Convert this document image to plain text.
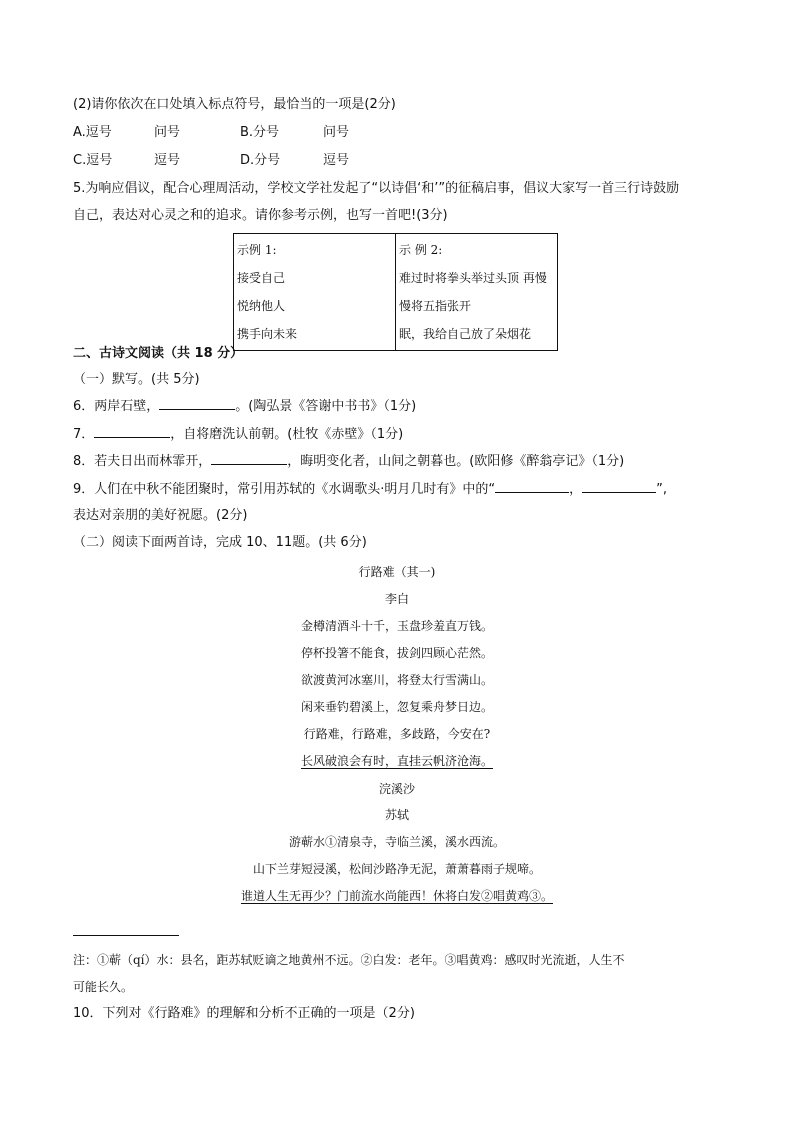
(2)请你依次在口处填入标点符号，最恰当的一项是(2分)
A.逗号	问号	B.分号	问号
C.逗号	逗号	D.分号	逗号
5.为响应倡议，配合心理周活动，学校文学社发起了“以诗倡‘和’”的征稿启事，倡议大家写一首三行诗鼓励
自己，表达对心灵之和的追求。请你参考示例，也写一首吧!(3分)
示例 1:
接受自己
悦纳他人
携手向未来

示 例 2:
难过时将拳头举过头顶 再慢
慢将五指张开
眠，我给自己放了朵烟花
二、古诗文阅读（共 18 分）
（一）默写。(共 5分)
6．两岸石壁，	。(陶弘景《答谢中书书》（1分)
7．	，自将磨洗认前朝。(杜牧《赤壁》（1分)
8．若夫日出而林霏开，	，晦明变化者，山间之朝暮也。(欧阳修《醉翁亭记》（1分)
9．人们在中秋不能团聚时，常引用苏轼的《水调歌头·明月几时有》中的“	，	”,
表达对亲朋的美好祝愿。(2分)
（二）阅读下面两首诗，完成 10、11题。(共 6分)
行路难（其一)
李白
金樽清酒斗十千，玉盘珍羞直万钱。
停杯投箸不能食，拔剑四顾心茫然。
欲渡黄河冰塞川，将登太行雪满山。
闲来垂钓碧溪上，忽复乘舟梦日边。
行路难，行路难，多歧路，今安在?
长风破浪会有时，直挂云帆济沧海。
浣溪沙
苏轼
游蕲水①清泉寺，寺临兰溪，溪水西流。
山下兰芽短浸溪，松间沙路净无泥，萧萧暮雨子规啼。
谁道人生无再少？门前流水尚能西！休将白发②唱黄鸡③。
注：①蕲（qí）水：县名，距苏轼贬谪之地黄州不远。②白发：老年。③唱黄鸡：感叹时光流逝，人生不
可能长久。
10．下列对《行路难》的理解和分析不正确的一项是（2分)
